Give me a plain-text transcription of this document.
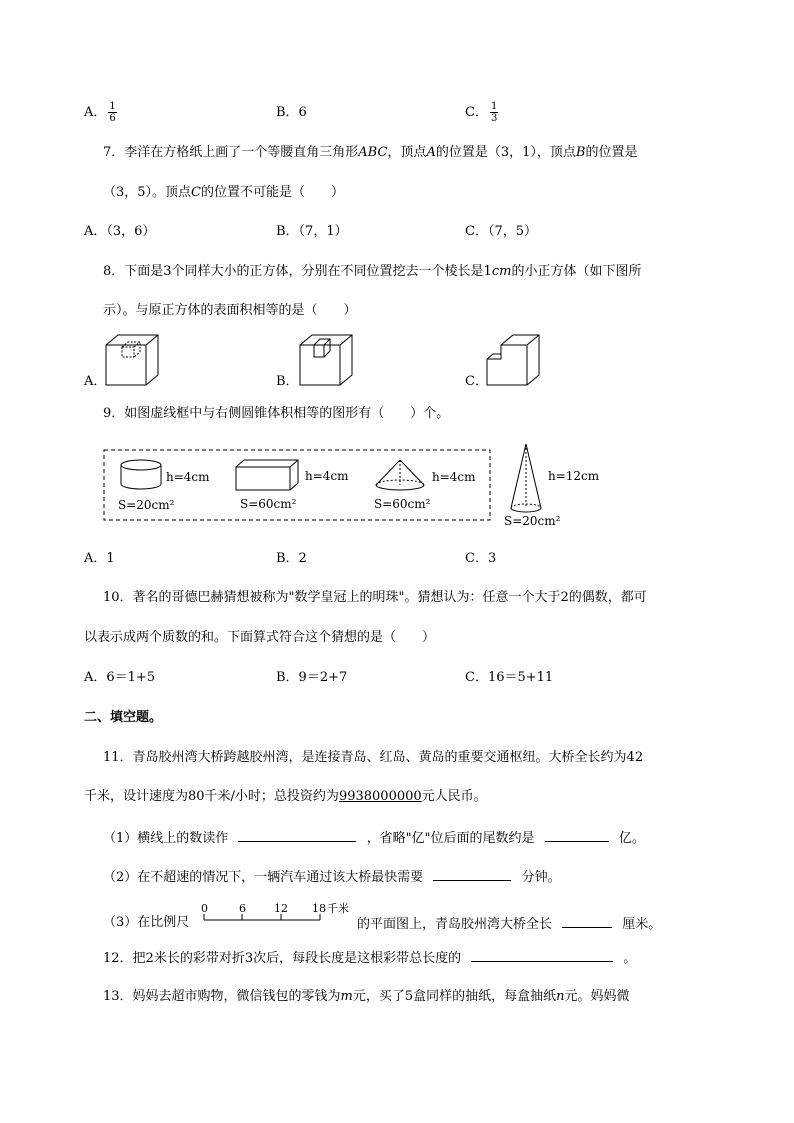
A． $\frac{1}{6}$	B．6	C． $\frac{1}{3}$
7．李洋在方格纸上画了一个等腰直角三角形ABC，顶点A的位置是（3，1），顶点B的位置是
（3，5）。顶点C的位置不可能是（　　）
A．（3，6）	B．（7，1）	C．（7，5）
8．下面是3个同样大小的正方体，分别在不同位置挖去一个棱长是1cm的小正方体（如下图所
示）。与原正方体的表面积相等的是（　　）
A．	B．	C．
9．如图虚线框中与右侧圆锥体积相等的图形有（　　）个。
h=4cm
S=20cm²
h=4cm
S=60cm²
h=4cm
S=60cm²
h=12cm
S=20cm²
A．1	B．2	C．3
10．著名的哥德巴赫猜想被称为"数学皇冠上的明珠"。猜想认为：任意一个大于2的偶数，都可
以表示成两个质数的和。下面算式符合这个猜想的是（　　）
A．6＝1+5	B．9＝2+7	C．16＝5+11
二、填空题。
11．青岛胶州湾大桥跨越胶州湾，是连接青岛、红岛、黄岛的重要交通枢纽。大桥全长约为42
千米，设计速度为80千米/小时；总投资约为9938000000元人民币。
（1）横线上的数读作	，省略"亿"位后面的尾数约是	亿。
（2）在不超速的情况下，一辆汽车通过该大桥最快需要	分钟。
（3）在比例尺
0	6	12 18 千米
的平面图上，青岛胶州湾大桥全长	厘米。
12．把2米长的彩带对折3次后，每段长度是这根彩带总长度的	。
13．妈妈去超市购物，微信钱包的零钱为m元，买了5盒同样的抽纸，每盒抽纸n元。妈妈微
